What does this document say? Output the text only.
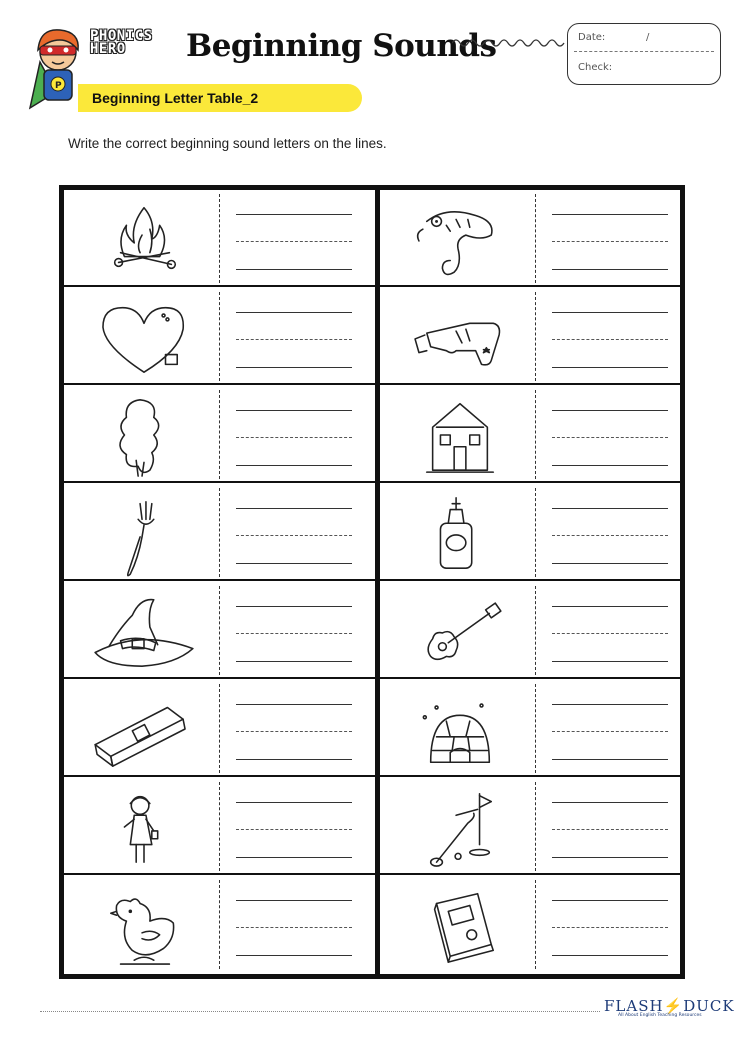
P
PHONICS
HERO	Beginning Sounds	Date:	/
Check:
Beginning Letter Table_2
Write the correct beginning sound letters on the lines.
FLASH⚡DUCK
All About English Teaching Resources
